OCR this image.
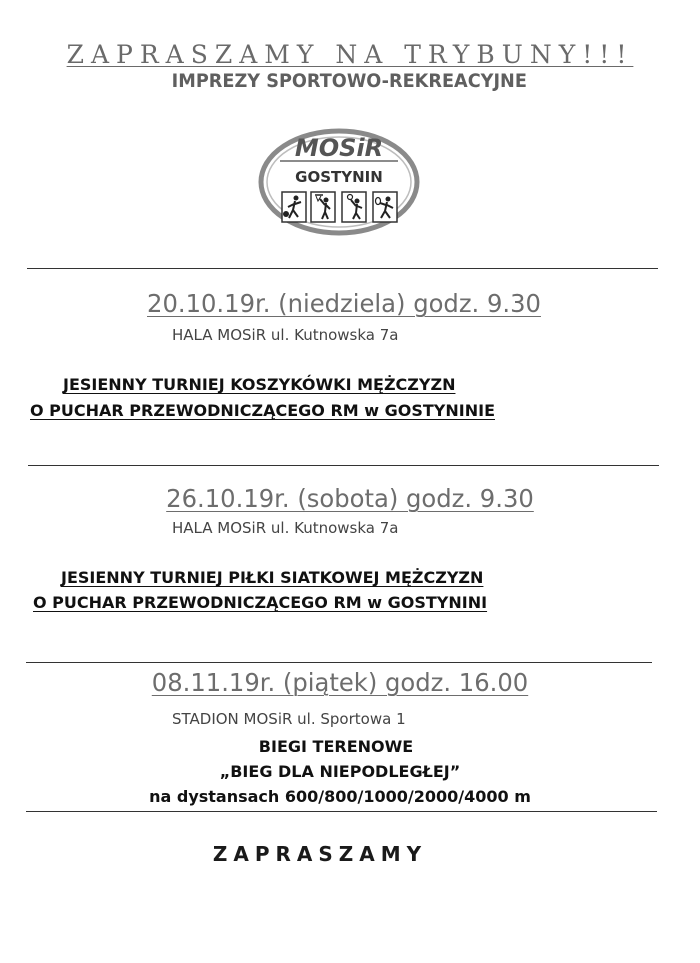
ZAPRASZAMY NA TRYBUNY!!!
IMPREZY SPORTOWO-REKREACYJNE
MOSiR
GOSTYNIN
20.10.19r. (niedziela) godz. 9.30
HALA MOSiR ul. Kutnowska 7a
JESIENNY TURNIEJ KOSZYKÓWKI MĘŻCZYZN
O PUCHAR PRZEWODNICZĄCEGO RM w GOSTYNINIE
26.10.19r. (sobota) godz. 9.30
HALA MOSiR ul. Kutnowska 7a
JESIENNY TURNIEJ PIŁKI SIATKOWEJ MĘŻCZYZN
O PUCHAR PRZEWODNICZĄCEGO RM w GOSTYNINI
08.11.19r. (piątek) godz. 16.00
STADION MOSiR ul. Sportowa 1
BIEGI TERENOWE
„BIEG DLA NIEPODLEGŁEJ”
na dystansach 600/800/1000/2000/4000 m
ZAPRASZAMY
